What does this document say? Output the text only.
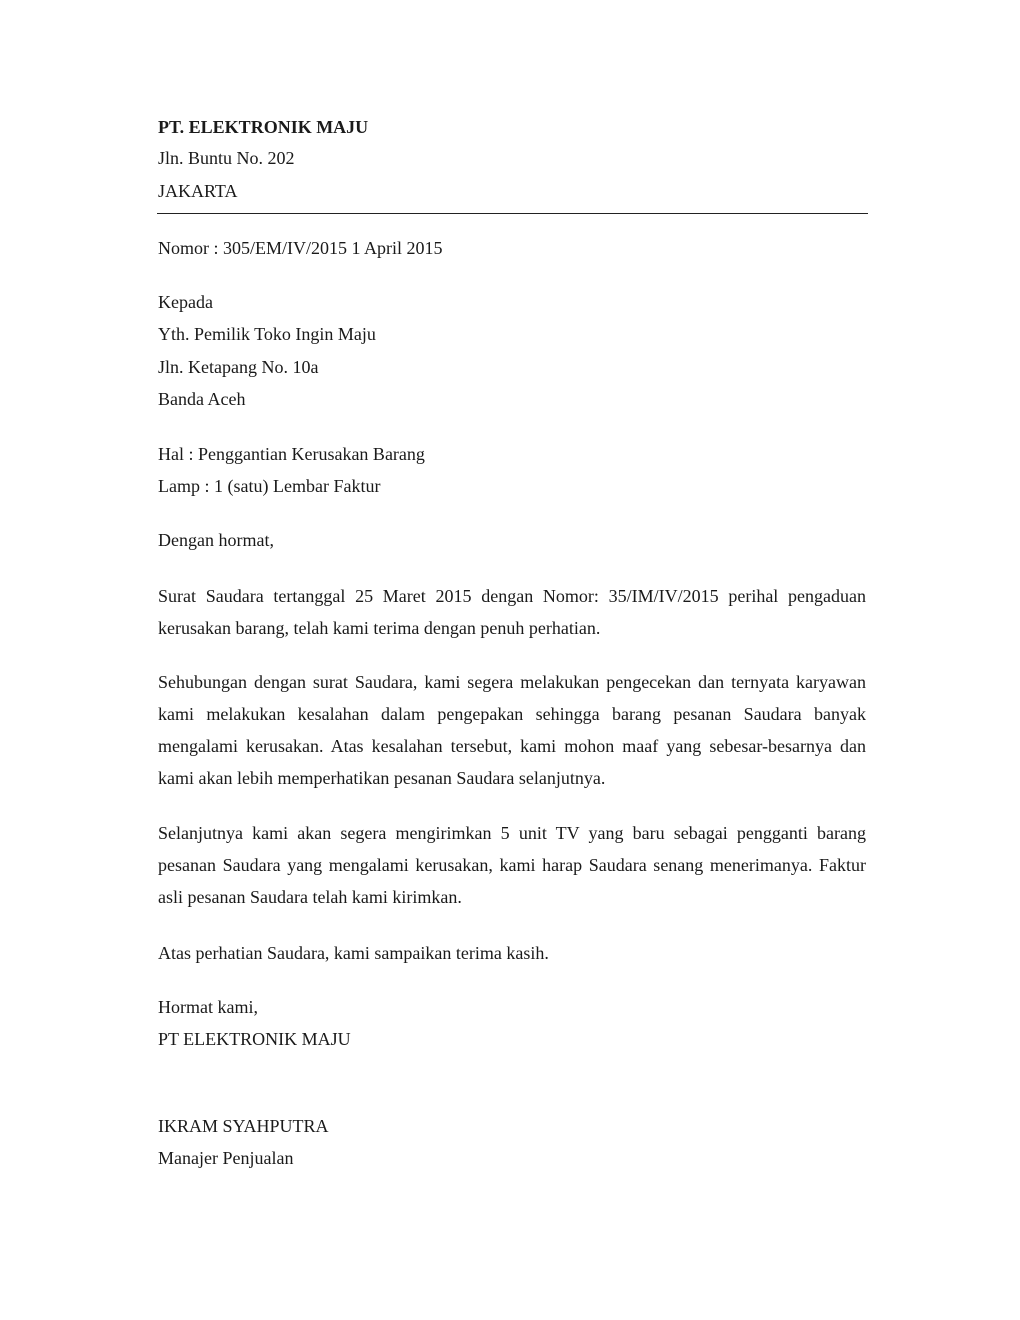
PT. ELEKTRONIK MAJU
Jln. Buntu No. 202
JAKARTA
Nomor : 305/EM/IV/2015 1 April 2015
Kepada
Yth. Pemilik Toko Ingin Maju
Jln. Ketapang No. 10a
Banda Aceh
Hal : Penggantian Kerusakan Barang
Lamp : 1 (satu) Lembar Faktur
Dengan hormat,
Surat Saudara tertanggal 25 Maret 2015 dengan Nomor: 35/IM/IV/2015 perihal pengaduan kerusakan barang, telah kami terima dengan penuh perhatian.
Sehubungan dengan surat Saudara, kami segera melakukan pengecekan dan ternyata karyawan kami melakukan kesalahan dalam pengepakan sehingga barang pesanan Saudara banyak mengalami kerusakan. Atas kesalahan tersebut, kami mohon maaf yang sebesar-besarnya dan kami akan lebih memperhatikan pesanan Saudara selanjutnya.
Selanjutnya kami akan segera mengirimkan 5 unit TV yang baru sebagai pengganti barang pesanan Saudara yang mengalami kerusakan, kami harap Saudara senang menerimanya. Faktur asli pesanan Saudara telah kami kirimkan.
Atas perhatian Saudara, kami sampaikan terima kasih.
Hormat kami,
PT ELEKTRONIK MAJU
IKRAM SYAHPUTRA
Manajer Penjualan
